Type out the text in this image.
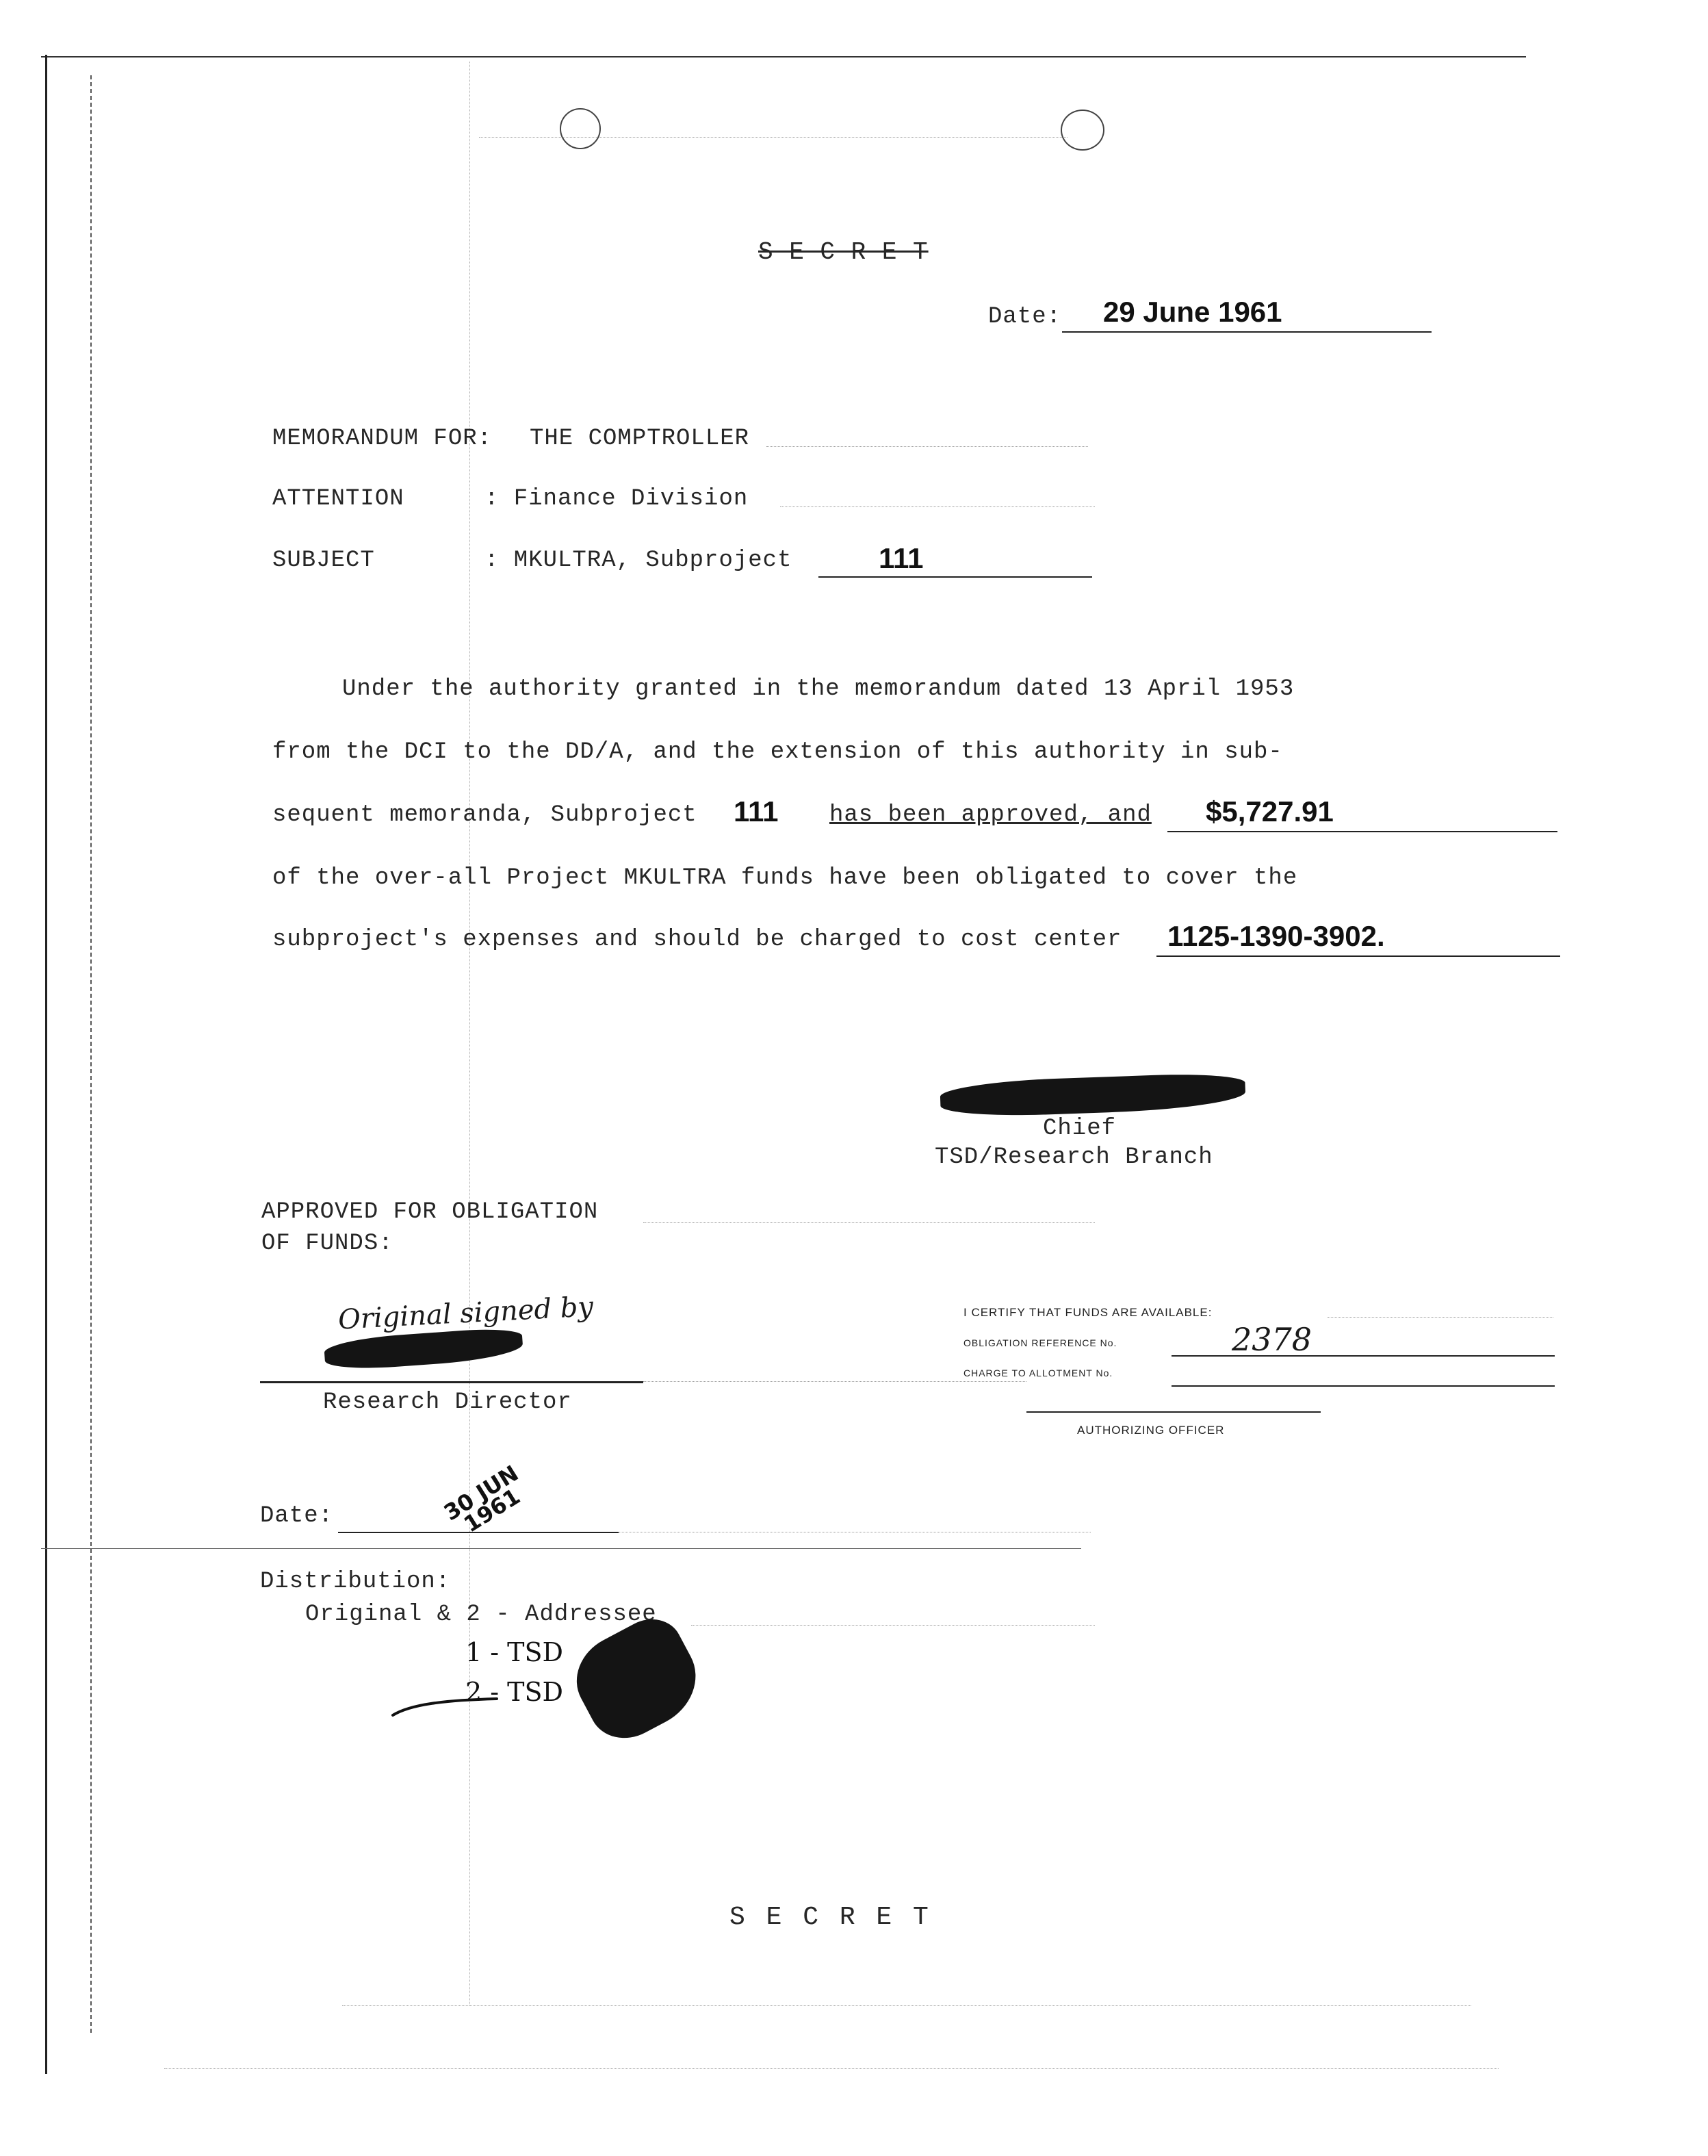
S E C R E T
Date: 29 June 1961
MEMORANDUM FOR: THE COMPTROLLER
ATTENTION	: Finance Division
SUBJECT	: MKULTRA, Subproject	111
Under the authority granted in the memorandum dated 13 April 1953
from the DCI to the DD/A, and the extension of this authority in sub-
sequent memoranda, Subproject 111 has been approved, and $5,727.91
of the over-all Project MKULTRA funds have been obligated to cover the
subproject's expenses and should be charged to cost center 1125-1390-3902.
Chief
TSD/Research Branch
APPROVED FOR OBLIGATION
OF FUNDS:
Original signed by
Research Director
Date:	30 JUN 1961
I CERTIFY THAT FUNDS ARE AVAILABLE:
OBLIGATION REFERENCE No.	2378
CHARGE TO ALLOTMENT No.
AUTHORIZING OFFICER
Distribution:
Original & 2 - Addressee
1 - TSD
2 - TSD
S E C R E T
